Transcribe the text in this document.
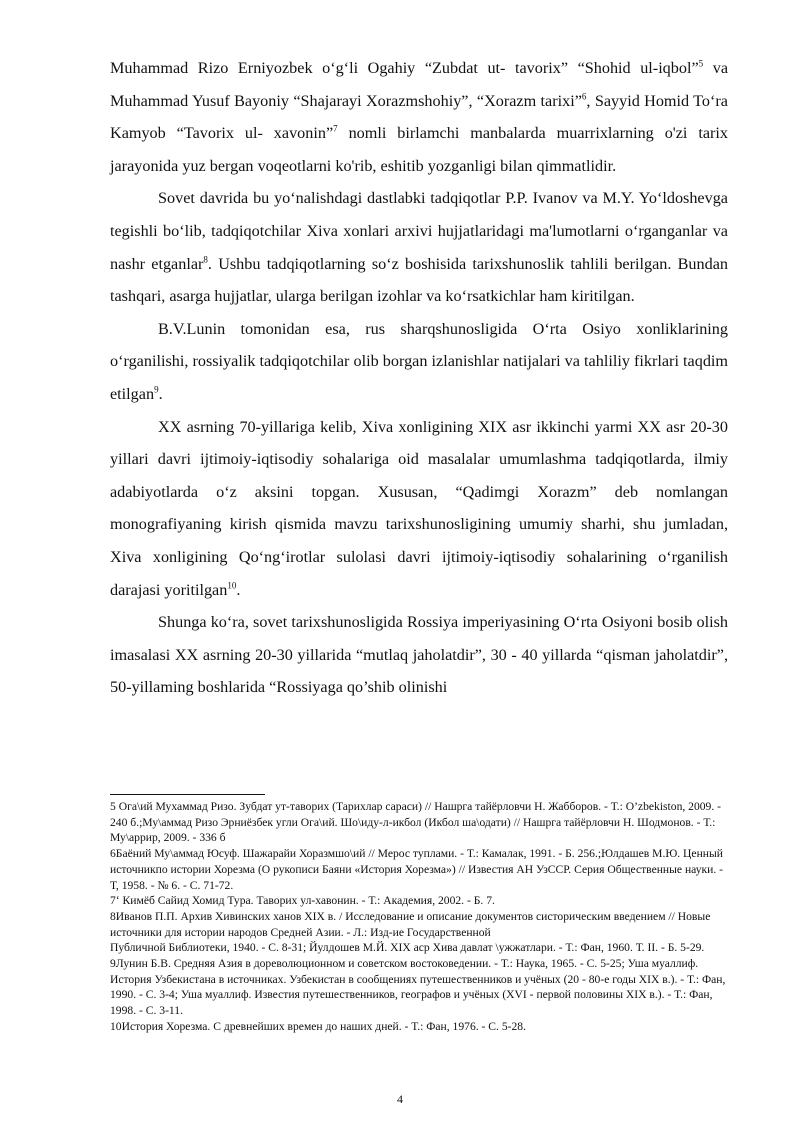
Muhammad Rizo Erniyozbek o‘g‘li Ogahiy “Zubdat ut- tavorix” “Shohid ul-iqbol”$^5$ va Muhammad Yusuf Bayoniy “Shajarayi Xorazmshohiy”, “Xorazm tarixi”$^6$, Sayyid Homid To‘ra Kamyob “Tavorix ul- xavonin”$^7$ nomli birlamchi manbalarda muarrixlarning o'zi tarix jarayonida yuz bergan voqeotlarni ko'rib, eshitib yozganligi bilan qimmatlidir.

Sovet davrida bu yo‘nalishdagi dastlabki tadqiqotlar P.P. Ivanov va M.Y. Yo‘ldoshevga tegishli bo‘lib, tadqiqotchilar Xiva xonlari arxivi hujjatlaridagi ma'lumotlarni o‘rganganlar va nashr etganlar$^8$. Ushbu tadqiqotlarning so‘z boshisida tarixshunoslik tahlili berilgan. Bundan tashqari, asarga hujjatlar, ularga berilgan izohlar va ko‘rsatkichlar ham kiritilgan.

B.V.Lunin tomonidan esa, rus sharqshunosligida O‘rta Osiyo xonliklarining o‘rganilishi, rossiyalik tadqiqotchilar olib borgan izlanishlar natijalari va tahliliy fikrlari taqdim etilgan$^9$.

XX asrning 70-yillariga kelib, Xiva xonligining XIX asr ikkinchi yarmi XX asr 20-30 yillari davri ijtimoiy-iqtisodiy sohalariga oid masalalar umumlashma tadqiqotlarda, ilmiy adabiyotlarda o‘z aksini topgan. Xususan, “Qadimgi Xorazm” deb nomlangan monografiyaning kirish qismida mavzu tarixshunosligining umumiy sharhi, shu jumladan, Xiva xonligining Qo‘ng‘irotlar sulolasi davri ijtimoiy-iqtisodiy sohalarining o‘rganilish darajasi yoritilgan$^{10}$.

Shunga ko‘ra, sovet tarixshunosligida Rossiya imperiyasining O‘rta Osiyoni bosib olish imasalasi XX asrning 20-30 yillarida “mutlaq jaholatdir”, 30 - 40 yillarda “qisman jaholatdir”, 50-yillaming boshlarida “Rossiyaga qo’shib olinishi

5 Ога\ий Мухаммад Ризо. Зубдат ут-таворих (Тарихлар сараси) // Нашрга тайёрловчи Н. Жабборов. - Т.: O’zbekiston, 2009. - 240 б.;Му\аммад Ризо Эрниёзбек угли Ога\ий. Шо\иду-л-икбол (Икбол ша\одати) // Нашрга тайёрловчи Н. Шодмонов. - Т.: Му\аррир, 2009. - 336 б

6Баёний Му\аммад Юсуф. Шажарайи Хоразмшо\ий // Мерос туплами. - Т.: Камалак, 1991. - Б. 256.;Юлдашев М.Ю. Ценный источникпо истории Хорезма (О рукописи Баяни «История Хорезма») // Известия АН УзССР. Серия Общественные науки. - Т, 1958. - № 6. - С. 71-72.

7‘ Кимёб Сайид Хомид Тура. Таворих ул-хавонин. - Т.: Академия, 2002. - Б. 7.

8Иванов П.П. Архив Хивинских ханов XIX в. / Исследование и описание документов систорическим введением // Новые источники для истории народов Средней Азии. - Л.: Изд-ие Государственной
Публичной Библиотеки, 1940. - С. 8-31; Йулдошев М.Й. XIX аср Хива давлат \ужжатлари. - Т.: Фан, 1960. Т. II. - Б. 5-29.

9Лунин Б.В. Средняя Азия в дореволюционном и советском востоковедении. - Т.: Наука, 1965. - С. 5-25; Уша муаллиф. История Узбекистана в источниках. Узбекистан в сообщениях путешественников и учёных (20 - 80-е годы XIX в.). - Т.: Фан, 1990. - С. 3-4; Уша муаллиф. Известия путешественников, географов и учёных (XVI - первой половины XIX в.). - Т.: Фан, 1998. - С. 3-11.

10История Хорезма. С древнейших времен до наших дней. - Т.: Фан, 1976. - С. 5-28.

4
